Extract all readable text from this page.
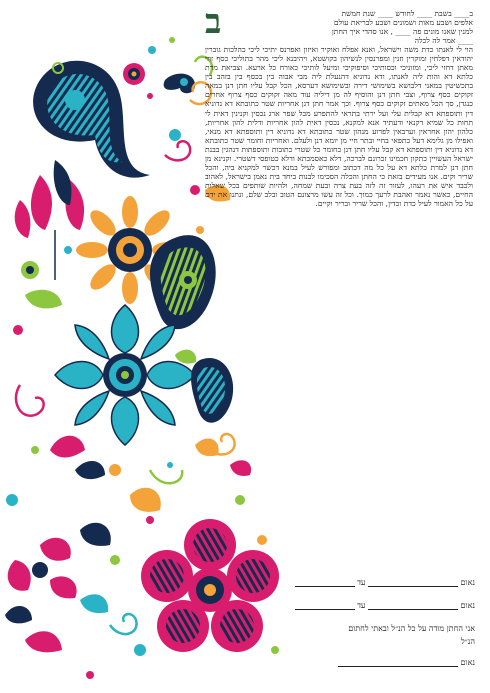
ב____ בשבת ____ לחודש ____ שנת חמשת

אלפים ושבע מאות ושמונים ושבע לבריאת עולם

למנין שאנו מונים פה ____ , אנו סהדי איך החתן

____ אמר לה לכלה

ב

הוי לי לאנתו כדת משה וישראל, ואנא אפלח ואוקיר ואיזון ואפרנס יתיכי ליכי כהלכות גוברין יהודאין דפלחין ומוקרין וזנין ומפרנסין לנשיהון בקושטא, ויהיבנא ליכי מהר בתוליכי כסף זוזי מאתן דחזי ליכי, ומזוניכי וכסותיכי וסיפוקיכי ומיעל לותיכי כאורח כל ארעא. וצביאת מרת כלתא דא והות ליה לאנתו, ודא נדוניא דהנעלת ליה מבי אבוה בין בכסף בין בזהב בין בתכשיטין במאני דלבושא בשימושי דירה ובשימושא דערסא, הכל קבל עליו חתן דנן במאה זקוקים כסף צרוף, וצבי חתן דנן והוסיף לה מן דיליה עוד מאה זקוקים כסף צרוף אחרים כנגדן, סך הכל מאתים זקוקים כסף צרוף. וכך אמר חתן דנן אחריות שטר כתובתא דא נדוניא דין ותוספתא דא קבלית עלי ועל ירתי בתראי להתפרע מכל שפר ארג נכסין וקנינין דאית לי תחות כל שמיא דקנאי ודעתיד אנא למקנא, נכסין דאית להון אחריות ודלית להון אחריות, כלהון יהון אחראין וערבאין לפרוע מנהון שטר כתובתא דא נדוניא דין ותוספתא דא מנאי, ואפילו מן גלימא דעל כתפאי בחיי ובתר חיי מן יומא דנן ולעלם. ואחריות וחומר שטר כתובתא דא נדוניא דין ותוספתא דא קבל עליו חתן דנן כחומר כל שטרי כתובות ותוספתות דנהגין בבנת ישראל העשויין כתקון חכמינו זכרונם לברכה, דלא כאסמכתא ודלא כטופסי דשטרי. וקנינא מן חתן דנן למרת כלתא דא על כל מה דכתוב ומפורש לעיל במנא דכשר למקניא ביה, והכל שריר וקים. אנו מעידים בזאת כי החתן והכלה הסכימו לבנות ביחד בית נאמן בישראל, לאהוב ולכבד איש את רעהו, לעזור זה לזה בעת צרה ובעת שמחה, ולהיות שותפים בכל שאלות החיים, כאשר נאמר ואהבת לרעך כמוך. וכל זה עשו מרצונם הטוב ובלב שלם, ונתנו את ידם על כל האמור לעיל כדת וכדין, והכל שריר ובריר וקיים.

נאום  עד
נאום  עד
אני החתן מודה על כל הנ״ל ובאתי לחתום
הנ״ל
נאום
